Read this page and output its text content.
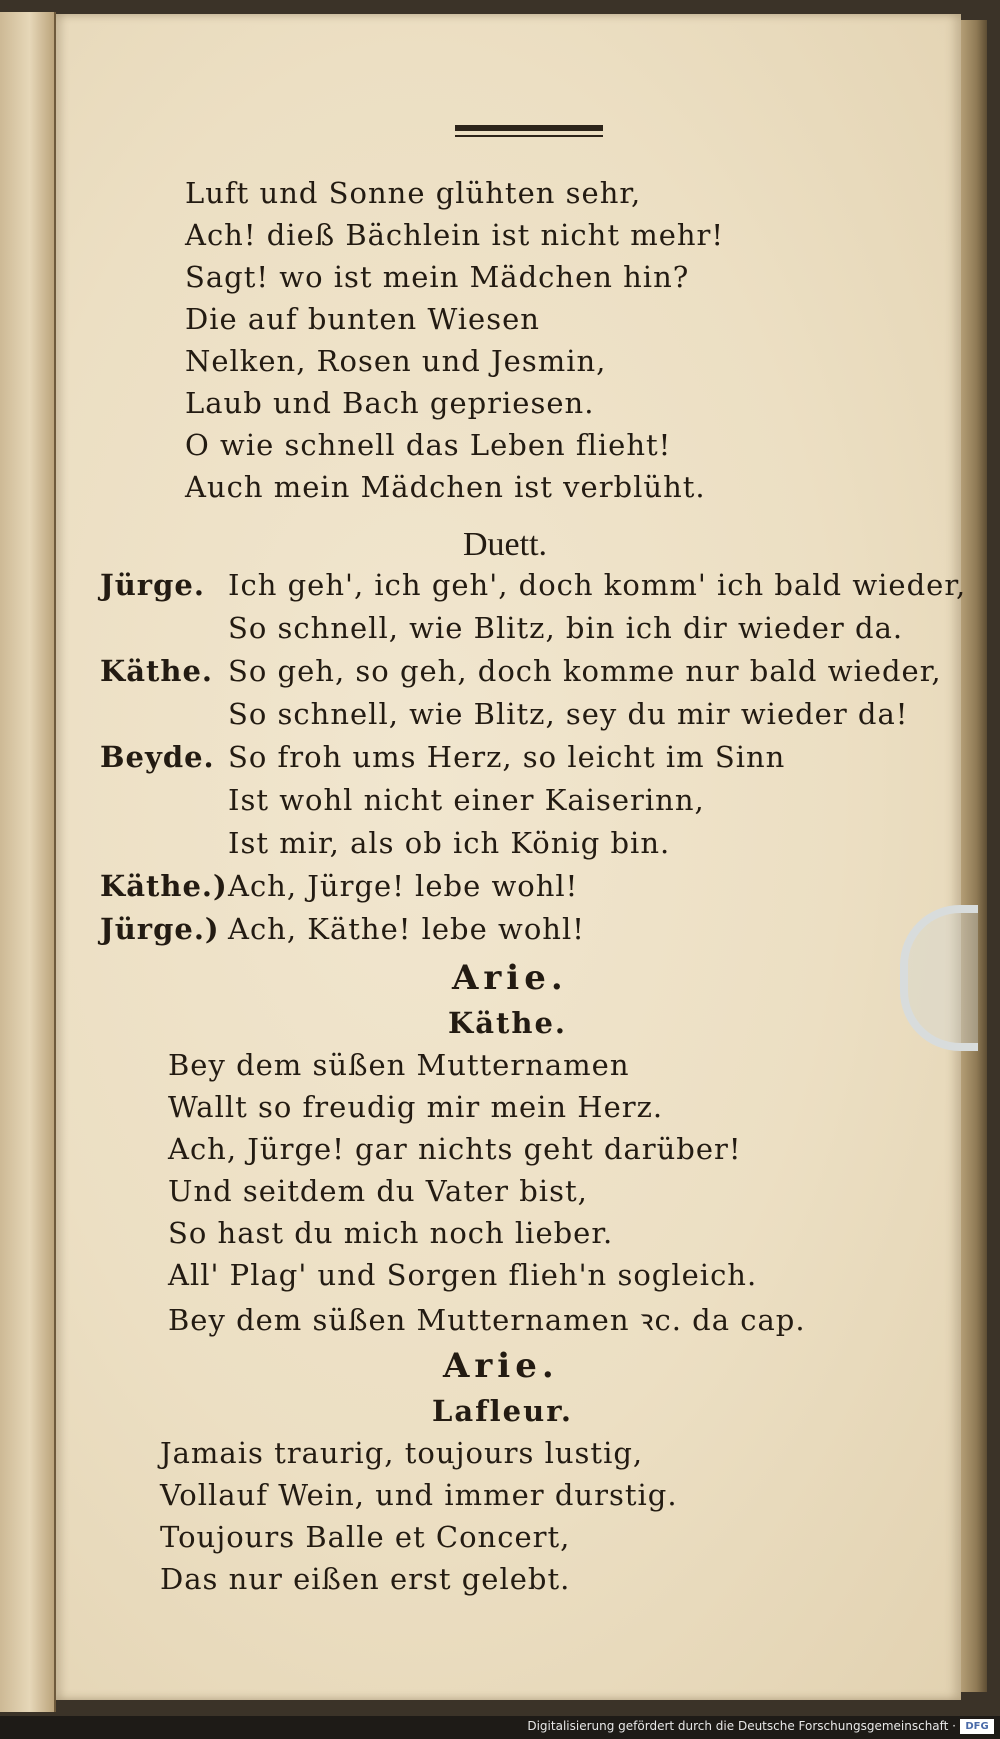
Luft und Sonne glühten sehr,
Ach! dieß Bächlein ist nicht mehr!
Sagt! wo ist mein Mädchen hin?
Die auf bunten Wiesen
Nelken, Rosen und Jesmin,
Laub und Bach gepriesen.
O wie schnell das Leben flieht!
Auch mein Mädchen ist verblüht.
Duett.
Jürge. Ich geh', ich geh', doch komm' ich bald wieder,
So schnell, wie Blitz, bin ich dir wieder da.
Käthe. So geh, so geh, doch komme nur bald wieder,
So schnell, wie Blitz, sey du mir wieder da!
Beyde. So froh ums Herz, so leicht im Sinn
Ist wohl nicht einer Kaiserinn,
Ist mir, als ob ich König bin.
Käthe.)Ach, Jürge! lebe wohl!
Jürge.) Ach, Käthe! lebe wohl!
Arie.
Käthe.
Bey dem süßen Mutternamen
Wallt so freudig mir mein Herz.
Ach, Jürge! gar nichts geht darüber!
Und seitdem du Vater bist,
So hast du mich noch lieber.
All' Plag' und Sorgen flieh'n sogleich.
Bey dem süßen Mutternamen ꝛc. da cap.
Arie.
Lafleur.
Jamais traurig, toujours lustig,
Vollauf Wein, und immer durstig.
Toujours Balle et Concert,
Das nur eißen erst gelebt.
Digitalisierung gefördert durch die Deutsche Forschungsgemeinschaft · DFG
